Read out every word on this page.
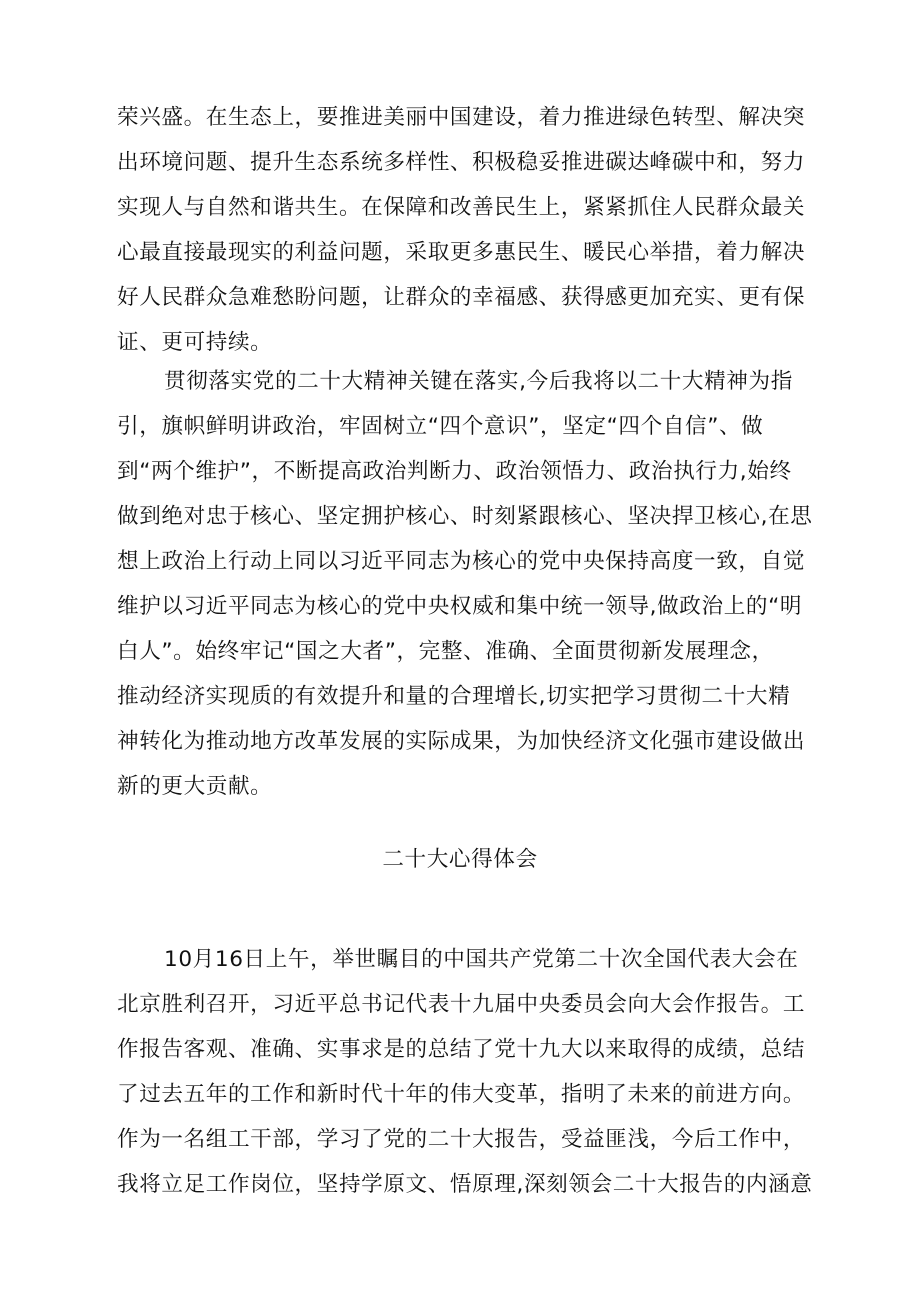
荣兴盛。在生态上，要推进美丽中国建设，着力推进绿色转型、解决突

出环境问题、提升生态系统多样性、积极稳妥推进碳达峰碳中和，努力

实现人与自然和谐共生。在保障和改善民生上，紧紧抓住人民群众最关

心最直接最现实的利益问题，采取更多惠民生、暖民心举措，着力解决

好人民群众急难愁盼问题，让群众的幸福感、获得感更加充实、更有保

证、更可持续。

贯彻落实党的二十大精神关键在落实,今后我将以二十大精神为指

引，旗帜鲜明讲政治，牢固树立“四个意识”，坚定“四个自信”、做

到“两个维护”，不断提高政治判断力、政治领悟力、政治执行力,始终

做到绝对忠于核心、坚定拥护核心、时刻紧跟核心、坚决捍卫核心,在思

想上政治上行动上同以习近平同志为核心的党中央保持高度一致，自觉

维护以习近平同志为核心的党中央权威和集中统一领导,做政治上的“明

白人”。始终牢记“国之大者”，完整、准确、全面贯彻新发展理念，

推动经济实现质的有效提升和量的合理增长,切实把学习贯彻二十大精

神转化为推动地方改革发展的实际成果，为加快经济文化强市建设做出

新的更大贡献。

二十大心得体会

10月16日上午，举世瞩目的中国共产党第二十次全国代表大会在

北京胜利召开，习近平总书记代表十九届中央委员会向大会作报告。工

作报告客观、准确、实事求是的总结了党十九大以来取得的成绩，总结

了过去五年的工作和新时代十年的伟大变革，指明了未来的前进方向。

作为一名组工干部，学习了党的二十大报告，受益匪浅，今后工作中，

我将立足工作岗位，坚持学原文、悟原理,深刻领会二十大报告的内涵意
